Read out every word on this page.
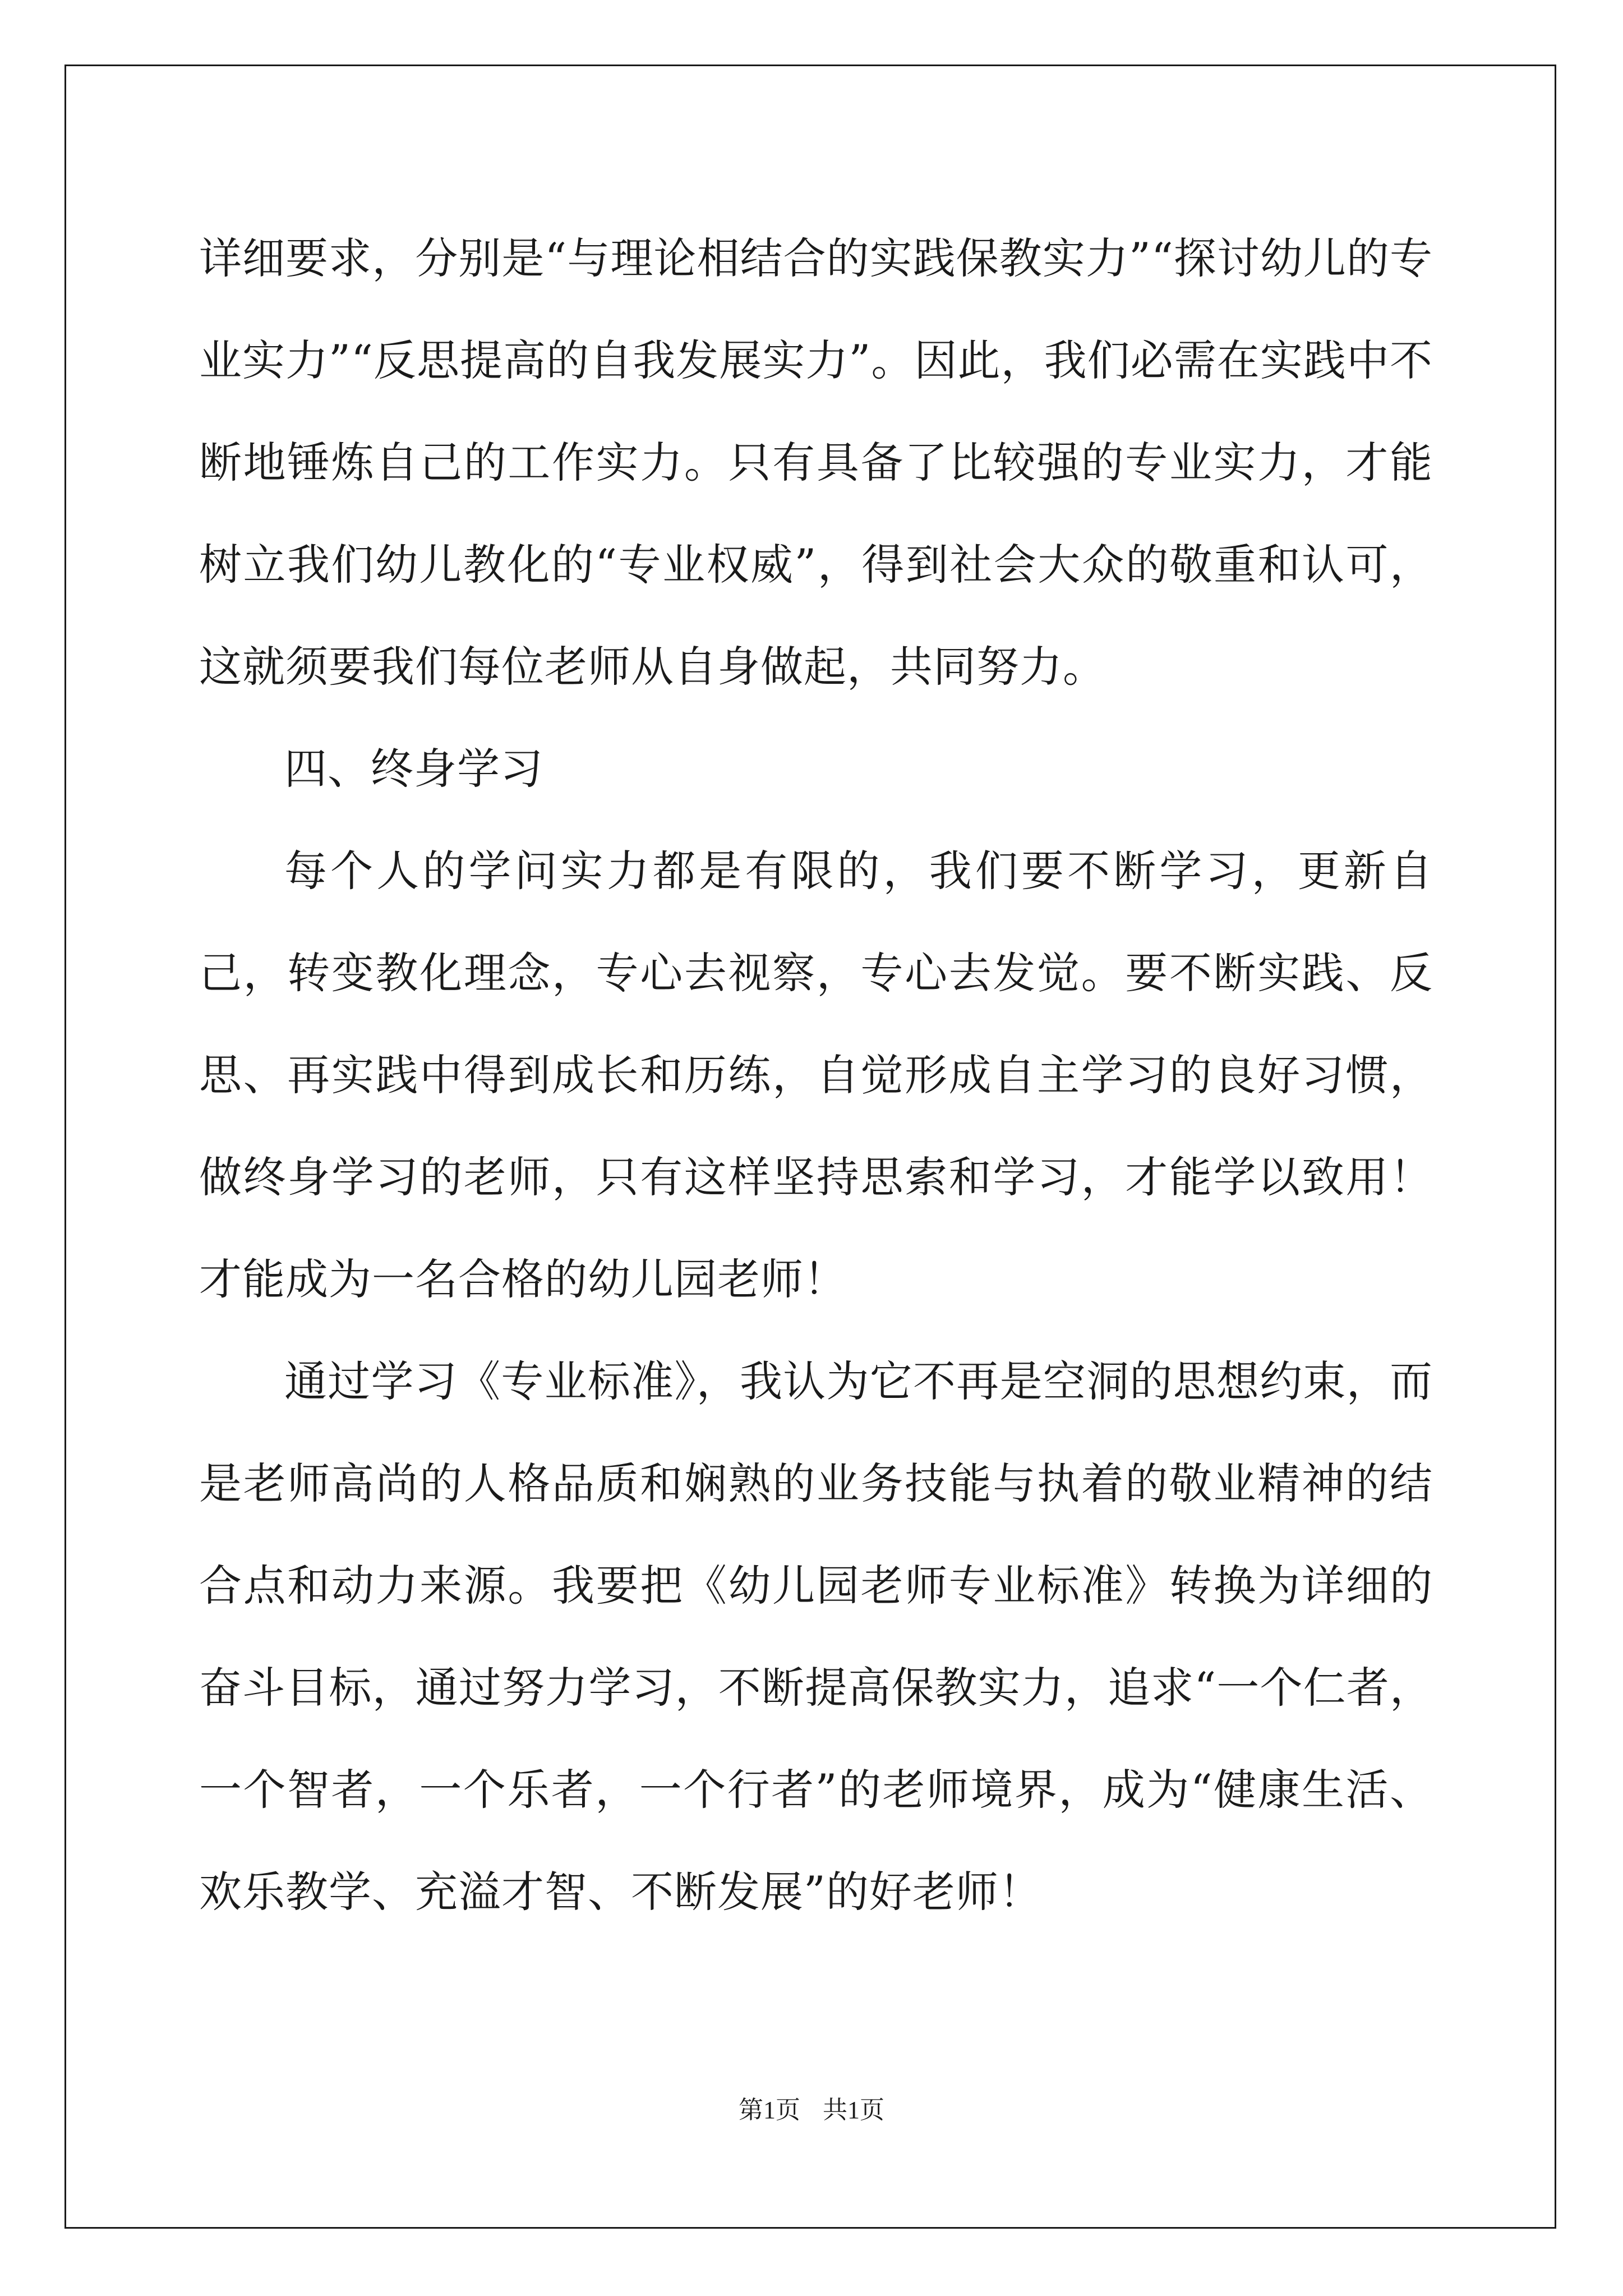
详细要求，分别是“与理论相结合的实践保教实力”“探讨幼儿的专业实力”“反思提高的自我发展实力”。因此，我们必需在实践中不断地锤炼自己的工作实力。只有具备了比较强的专业实力，才能树立我们幼儿教化的“专业权威”，得到社会大众的敬重和认可，这就须要我们每位老师从自身做起，共同努力。

四、终身学习

每个人的学问实力都是有限的，我们要不断学习，更新自己，转变教化理念，专心去视察，专心去发觉。要不断实践、反思、再实践中得到成长和历练，自觉形成自主学习的良好习惯，做终身学习的老师，只有这样坚持思索和学习，才能学以致用！才能成为一名合格的幼儿园老师！

通过学习《专业标准》，我认为它不再是空洞的思想约束，而是老师高尚的人格品质和娴熟的业务技能与执着的敬业精神的结合点和动力来源。我要把《幼儿园老师专业标准》转换为详细的奋斗目标，通过努力学习，不断提高保教实力，追求“一个仁者，一个智者，一个乐者，一个行者”的老师境界，成为“健康生活、欢乐教学、充溢才智、不断发展”的好老师！

第1页 共1页
